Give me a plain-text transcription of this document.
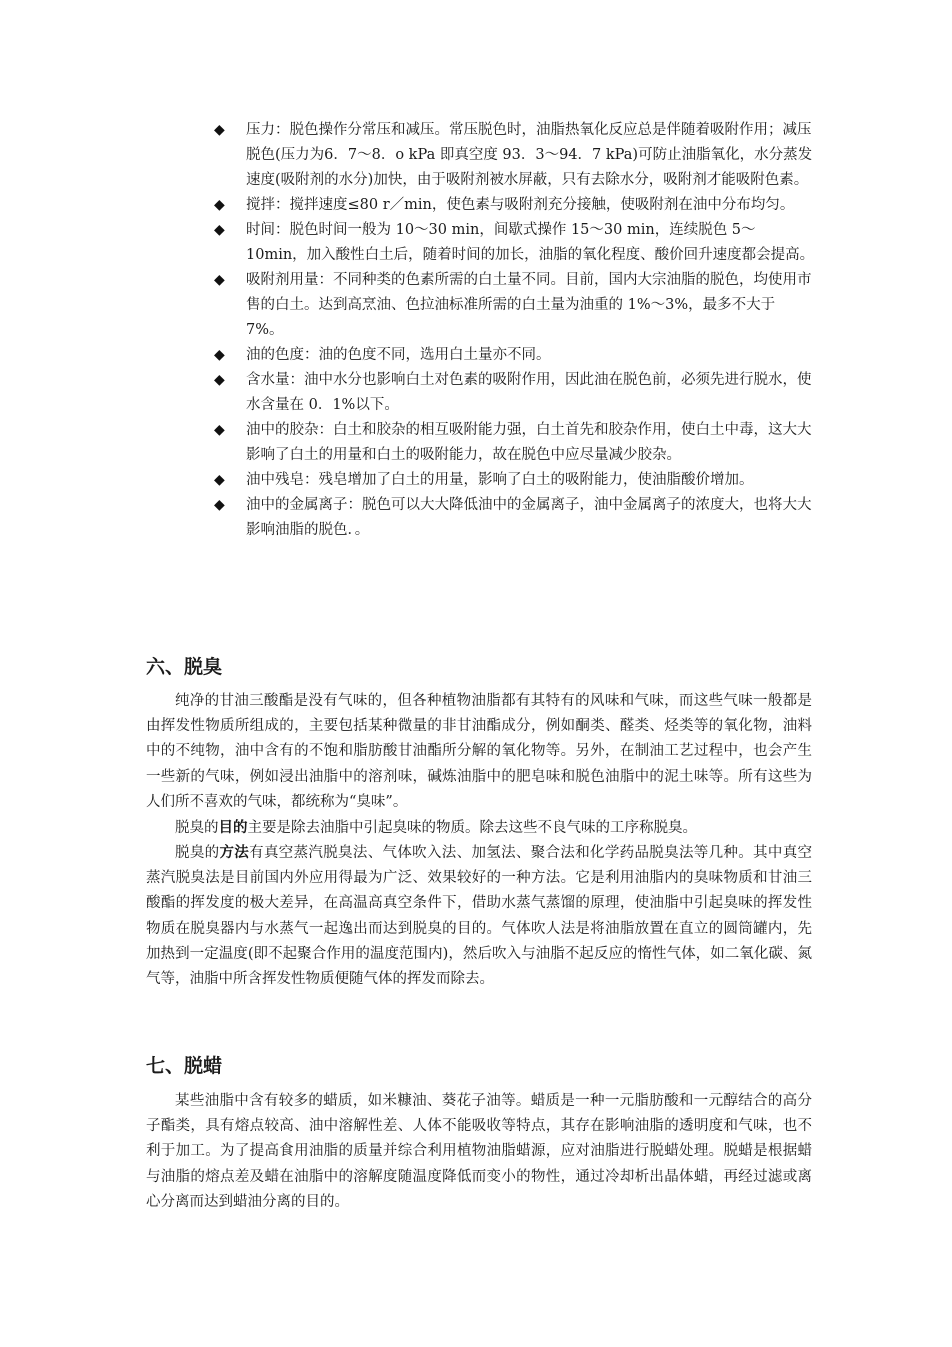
◆ 压力：脱色操作分常压和减压。常压脱色时，油脂热氧化反应总是伴随着吸附作用；减压脱色(压力为6．7～8．o kPa 即真空度 93．3～94．7 kPa)可防止油脂氧化，水分蒸发速度(吸附剂的水分)加快，由于吸附剂被水屏蔽，只有去除水分，吸附剂才能吸附色素。
◆ 搅拌：搅拌速度≤80 r／min，使色素与吸附剂充分接触，使吸附剂在油中分布均匀。
◆ 时间：脱色时间一般为 10～30 min，间歇式操作 15～30 min，连续脱色 5～10min，加入酸性白土后，随着时间的加长，油脂的氧化程度、酸价回升速度都会提高。
◆ 吸附剂用量：不同种类的色素所需的白土量不同。目前，国内大宗油脂的脱色，均使用市售的白土。达到高烹油、色拉油标准所需的白土量为油重的 1%～3%，最多不大于 7%。
◆ 油的色度：油的色度不同，选用白土量亦不同。
◆ 含水量：油中水分也影响白土对色素的吸附作用，因此油在脱色前，必须先进行脱水，使水含量在 0．1%以下。
◆ 油中的胶杂：白土和胶杂的相互吸附能力强，白土首先和胶杂作用，使白土中毒，这大大影响了白土的用量和白土的吸附能力，故在脱色中应尽量减少胶杂。
◆ 油中残皂：残皂增加了白土的用量，影响了白土的吸附能力，使油脂酸价增加。
◆ 油中的金属离子：脱色可以大大降低油中的金属离子，油中金属离子的浓度大，也将大大影响油脂的脱色．。
六、脱臭

纯净的甘油三酸酯是没有气味的，但各种植物油脂都有其特有的风味和气味，而这些气味一般都是由挥发性物质所组成的，主要包括某种微量的非甘油酯成分，例如酮类、醛类、烃类等的氧化物，油料中的不纯物，油中含有的不饱和脂肪酸甘油酯所分解的氧化物等。另外，在制油工艺过程中，也会产生一些新的气味，例如浸出油脂中的溶剂味，碱炼油脂中的肥皂味和脱色油脂中的泥土味等。所有这些为人们所不喜欢的气味，都统称为“臭味”。

脱臭的目的主要是除去油脂中引起臭味的物质。除去这些不良气味的工序称脱臭。

脱臭的方法有真空蒸汽脱臭法、气体吹入法、加氢法、聚合法和化学药品脱臭法等几种。其中真空蒸汽脱臭法是目前国内外应用得最为广泛、效果较好的一种方法。它是利用油脂内的臭味物质和甘油三酸酯的挥发度的极大差异，在高温高真空条件下，借助水蒸气蒸馏的原理，使油脂中引起臭味的挥发性物质在脱臭器内与水蒸气一起逸出而达到脱臭的目的。气体吹人法是将油脂放置在直立的圆筒罐内，先加热到一定温度(即不起聚合作用的温度范围内)，然后吹入与油脂不起反应的惰性气体，如二氧化碳、氮气等，油脂中所含挥发性物质便随气体的挥发而除去。

七、脱蜡

某些油脂中含有较多的蜡质，如米糠油、葵花子油等。蜡质是一种一元脂肪酸和一元醇结合的高分子酯类，具有熔点较高、油中溶解性差、人体不能吸收等特点，其存在影响油脂的透明度和气味，也不利于加工。为了提高食用油脂的质量并综合利用植物油脂蜡源，应对油脂进行脱蜡处理。脱蜡是根据蜡与油脂的熔点差及蜡在油脂中的溶解度随温度降低而变小的物性，通过冷却析出晶体蜡，再经过滤或离心分离而达到蜡油分离的目的。
